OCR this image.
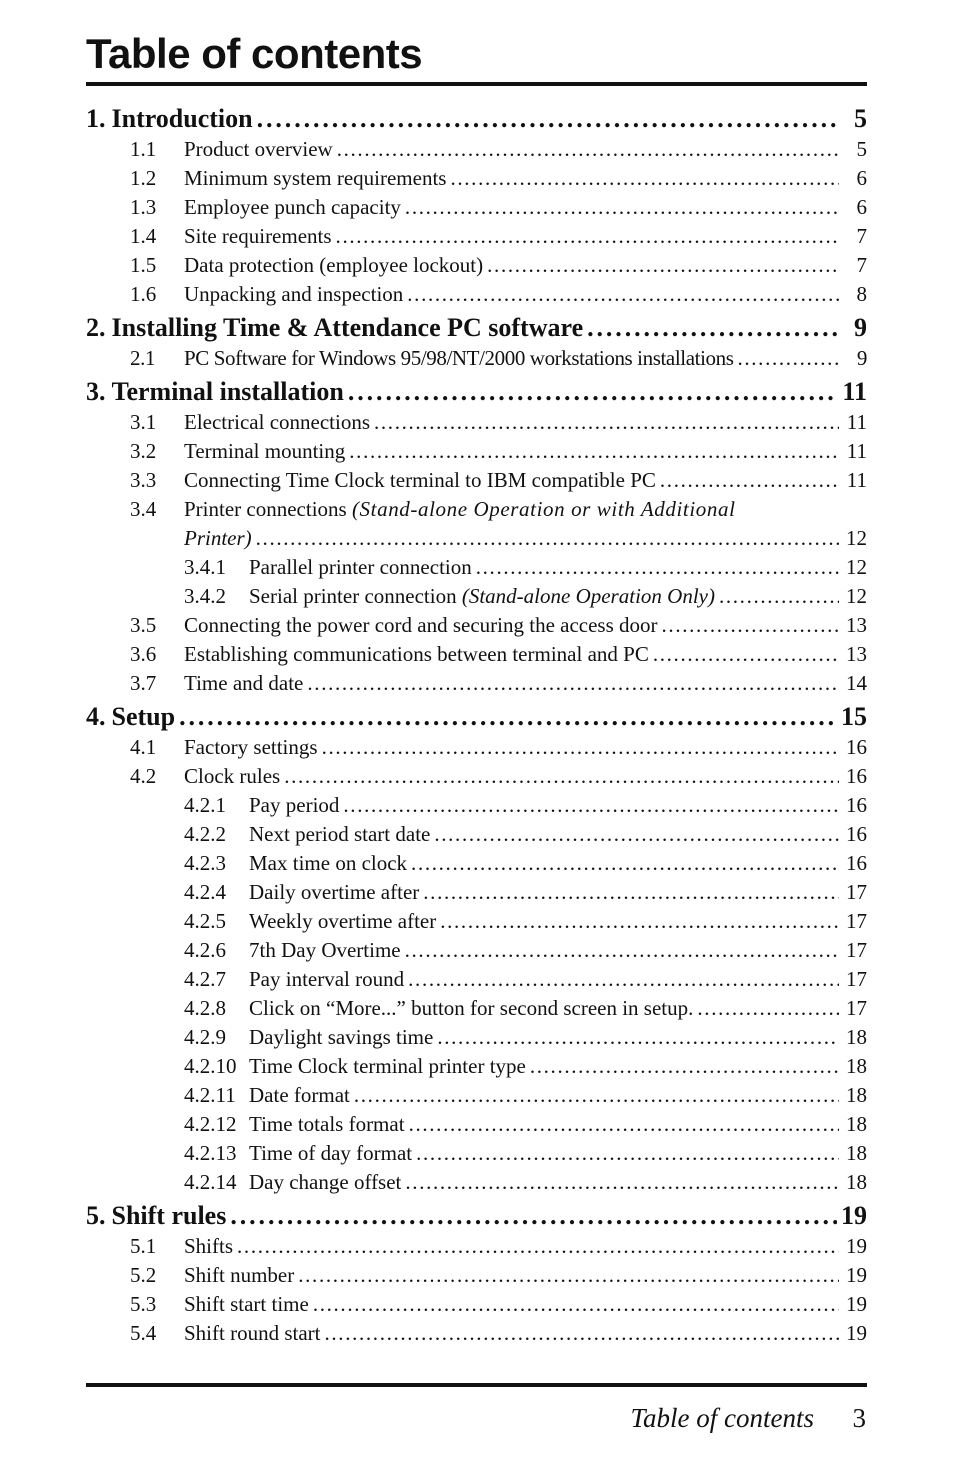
Table of contents
1. Introduction . . .	5
1.1	Product overview . . .	5
1.2	Minimum system requirements . . .	6
1.3	Employee punch capacity . . .	6
1.4	Site requirements . . .	7
1.5	Data protection (employee lockout) . . .	7
1.6	Unpacking and inspection . . .	8
2. Installing Time & Attendance PC software . . .	9
2.1	PC Software for Windows 95/98/NT/2000 workstations installations . . .	9
3. Terminal installation . . .	11
3.1	Electrical connections . . .	11
3.2	Terminal mounting . . .	11
3.3	Connecting Time Clock terminal to IBM compatible PC . . .	11
3.4	Printer connections (Stand-alone Operation or with Additional
Printer) . . .	12
3.4.1	Parallel printer connection . . .	12
3.4.2	Serial printer connection (Stand-alone Operation Only) . . .	12
3.5	Connecting the power cord and securing the access door . . .	13
3.6	Establishing communications between terminal and PC . . .	13
3.7	Time and date . . .	14
4. Setup . . .	15
4.1	Factory settings . . .	16
4.2	Clock rules . . .	16
4.2.1	Pay period . . .	16
4.2.2	Next period start date . . .	16
4.2.3	Max time on clock . . .	16
4.2.4	Daily overtime after . . .	17
4.2.5	Weekly overtime after . . .	17
4.2.6	7th Day Overtime . . .	17
4.2.7	Pay interval round . . .	17
4.2.8	Click on “More...” button for second screen in setup. . . .	17
4.2.9	Daylight savings time . . .	18
4.2.10 Time Clock terminal printer type . . .	18
4.2.11 Date format . . .	18
4.2.12 Time totals format . . .	18
4.2.13 Time of day format . . .	18
4.2.14 Day change offset . . .	18
5. Shift rules . . .	19
5.1	Shifts . . .	19
5.2	Shift number . . .	19
5.3	Shift start time . . .	19
5.4	Shift round start . . .	19
Table of contents 3
